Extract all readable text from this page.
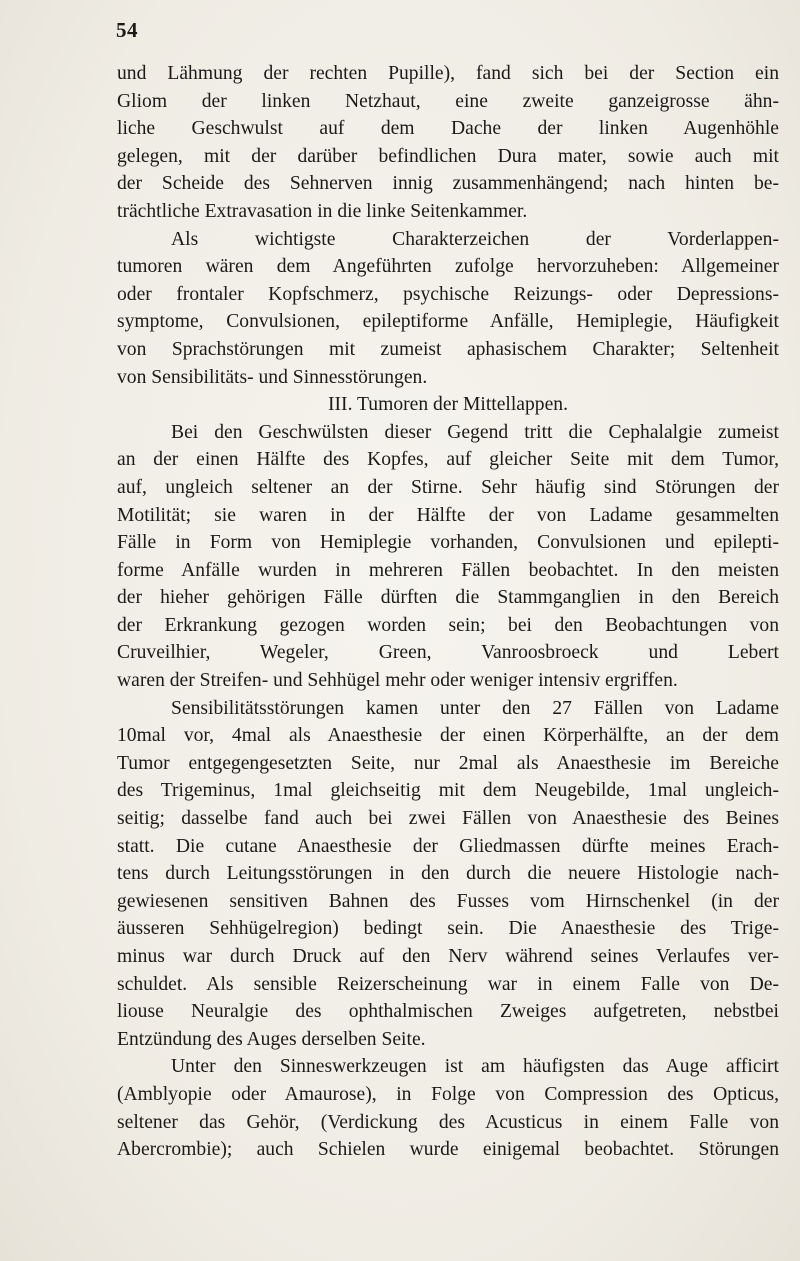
54
und Lähmung der rechten Pupille), fand sich bei der Section ein
Gliom der linken Netzhaut, eine zweite ganzeigrosse ähn-
liche Geschwulst auf dem Dache der linken Augenhöhle
gelegen, mit der darüber befindlichen Dura mater, sowie auch mit
der Scheide des Sehnerven innig zusammenhängend; nach hinten be-
trächtliche Extravasation in die linke Seitenkammer.
Als wichtigste Charakterzeichen der Vorderlappen-
tumoren wären dem Angeführten zufolge hervorzuheben: Allgemeiner
oder frontaler Kopfschmerz, psychische Reizungs- oder Depressions-
symptome, Convulsionen, epileptiforme Anfälle, Hemiplegie, Häufigkeit
von Sprachstörungen mit zumeist aphasischem Charakter; Seltenheit
von Sensibilitäts- und Sinnesstörungen.
III. Tumoren der Mittellappen.
Bei den Geschwülsten dieser Gegend tritt die Cephalalgie zumeist
an der einen Hälfte des Kopfes, auf gleicher Seite mit dem Tumor,
auf, ungleich seltener an der Stirne. Sehr häufig sind Störungen der
Motilität; sie waren in der Hälfte der von Ladame gesammelten
Fälle in Form von Hemiplegie vorhanden, Convulsionen und epilepti-
forme Anfälle wurden in mehreren Fällen beobachtet. In den meisten
der hieher gehörigen Fälle dürften die Stammganglien in den Bereich
der Erkrankung gezogen worden sein; bei den Beobachtungen von
Cruveilhier, Wegeler, Green, Vanroosbroeck und Lebert
waren der Streifen- und Sehhügel mehr oder weniger intensiv ergriffen.
Sensibilitätsstörungen kamen unter den 27 Fällen von Ladame
10mal vor, 4mal als Anaesthesie der einen Körperhälfte, an der dem
Tumor entgegengesetzten Seite, nur 2mal als Anaesthesie im Bereiche
des Trigeminus, 1mal gleichseitig mit dem Neugebilde, 1mal ungleich-
seitig; dasselbe fand auch bei zwei Fällen von Anaesthesie des Beines
statt. Die cutane Anaesthesie der Gliedmassen dürfte meines Erach-
tens durch Leitungsstörungen in den durch die neuere Histologie nach-
gewiesenen sensitiven Bahnen des Fusses vom Hirnschenkel (in der
äusseren Sehhügelregion) bedingt sein. Die Anaesthesie des Trige-
minus war durch Druck auf den Nerv während seines Verlaufes ver-
schuldet. Als sensible Reizerscheinung war in einem Falle von De-
liouse Neuralgie des ophthalmischen Zweiges aufgetreten, nebstbei
Entzündung des Auges derselben Seite.
Unter den Sinneswerkzeugen ist am häufigsten das Auge afficirt
(Amblyopie oder Amaurose), in Folge von Compression des Opticus,
seltener das Gehör, (Verdickung des Acusticus in einem Falle von
Abercrombie); auch Schielen wurde einigemal beobachtet. Störungen
